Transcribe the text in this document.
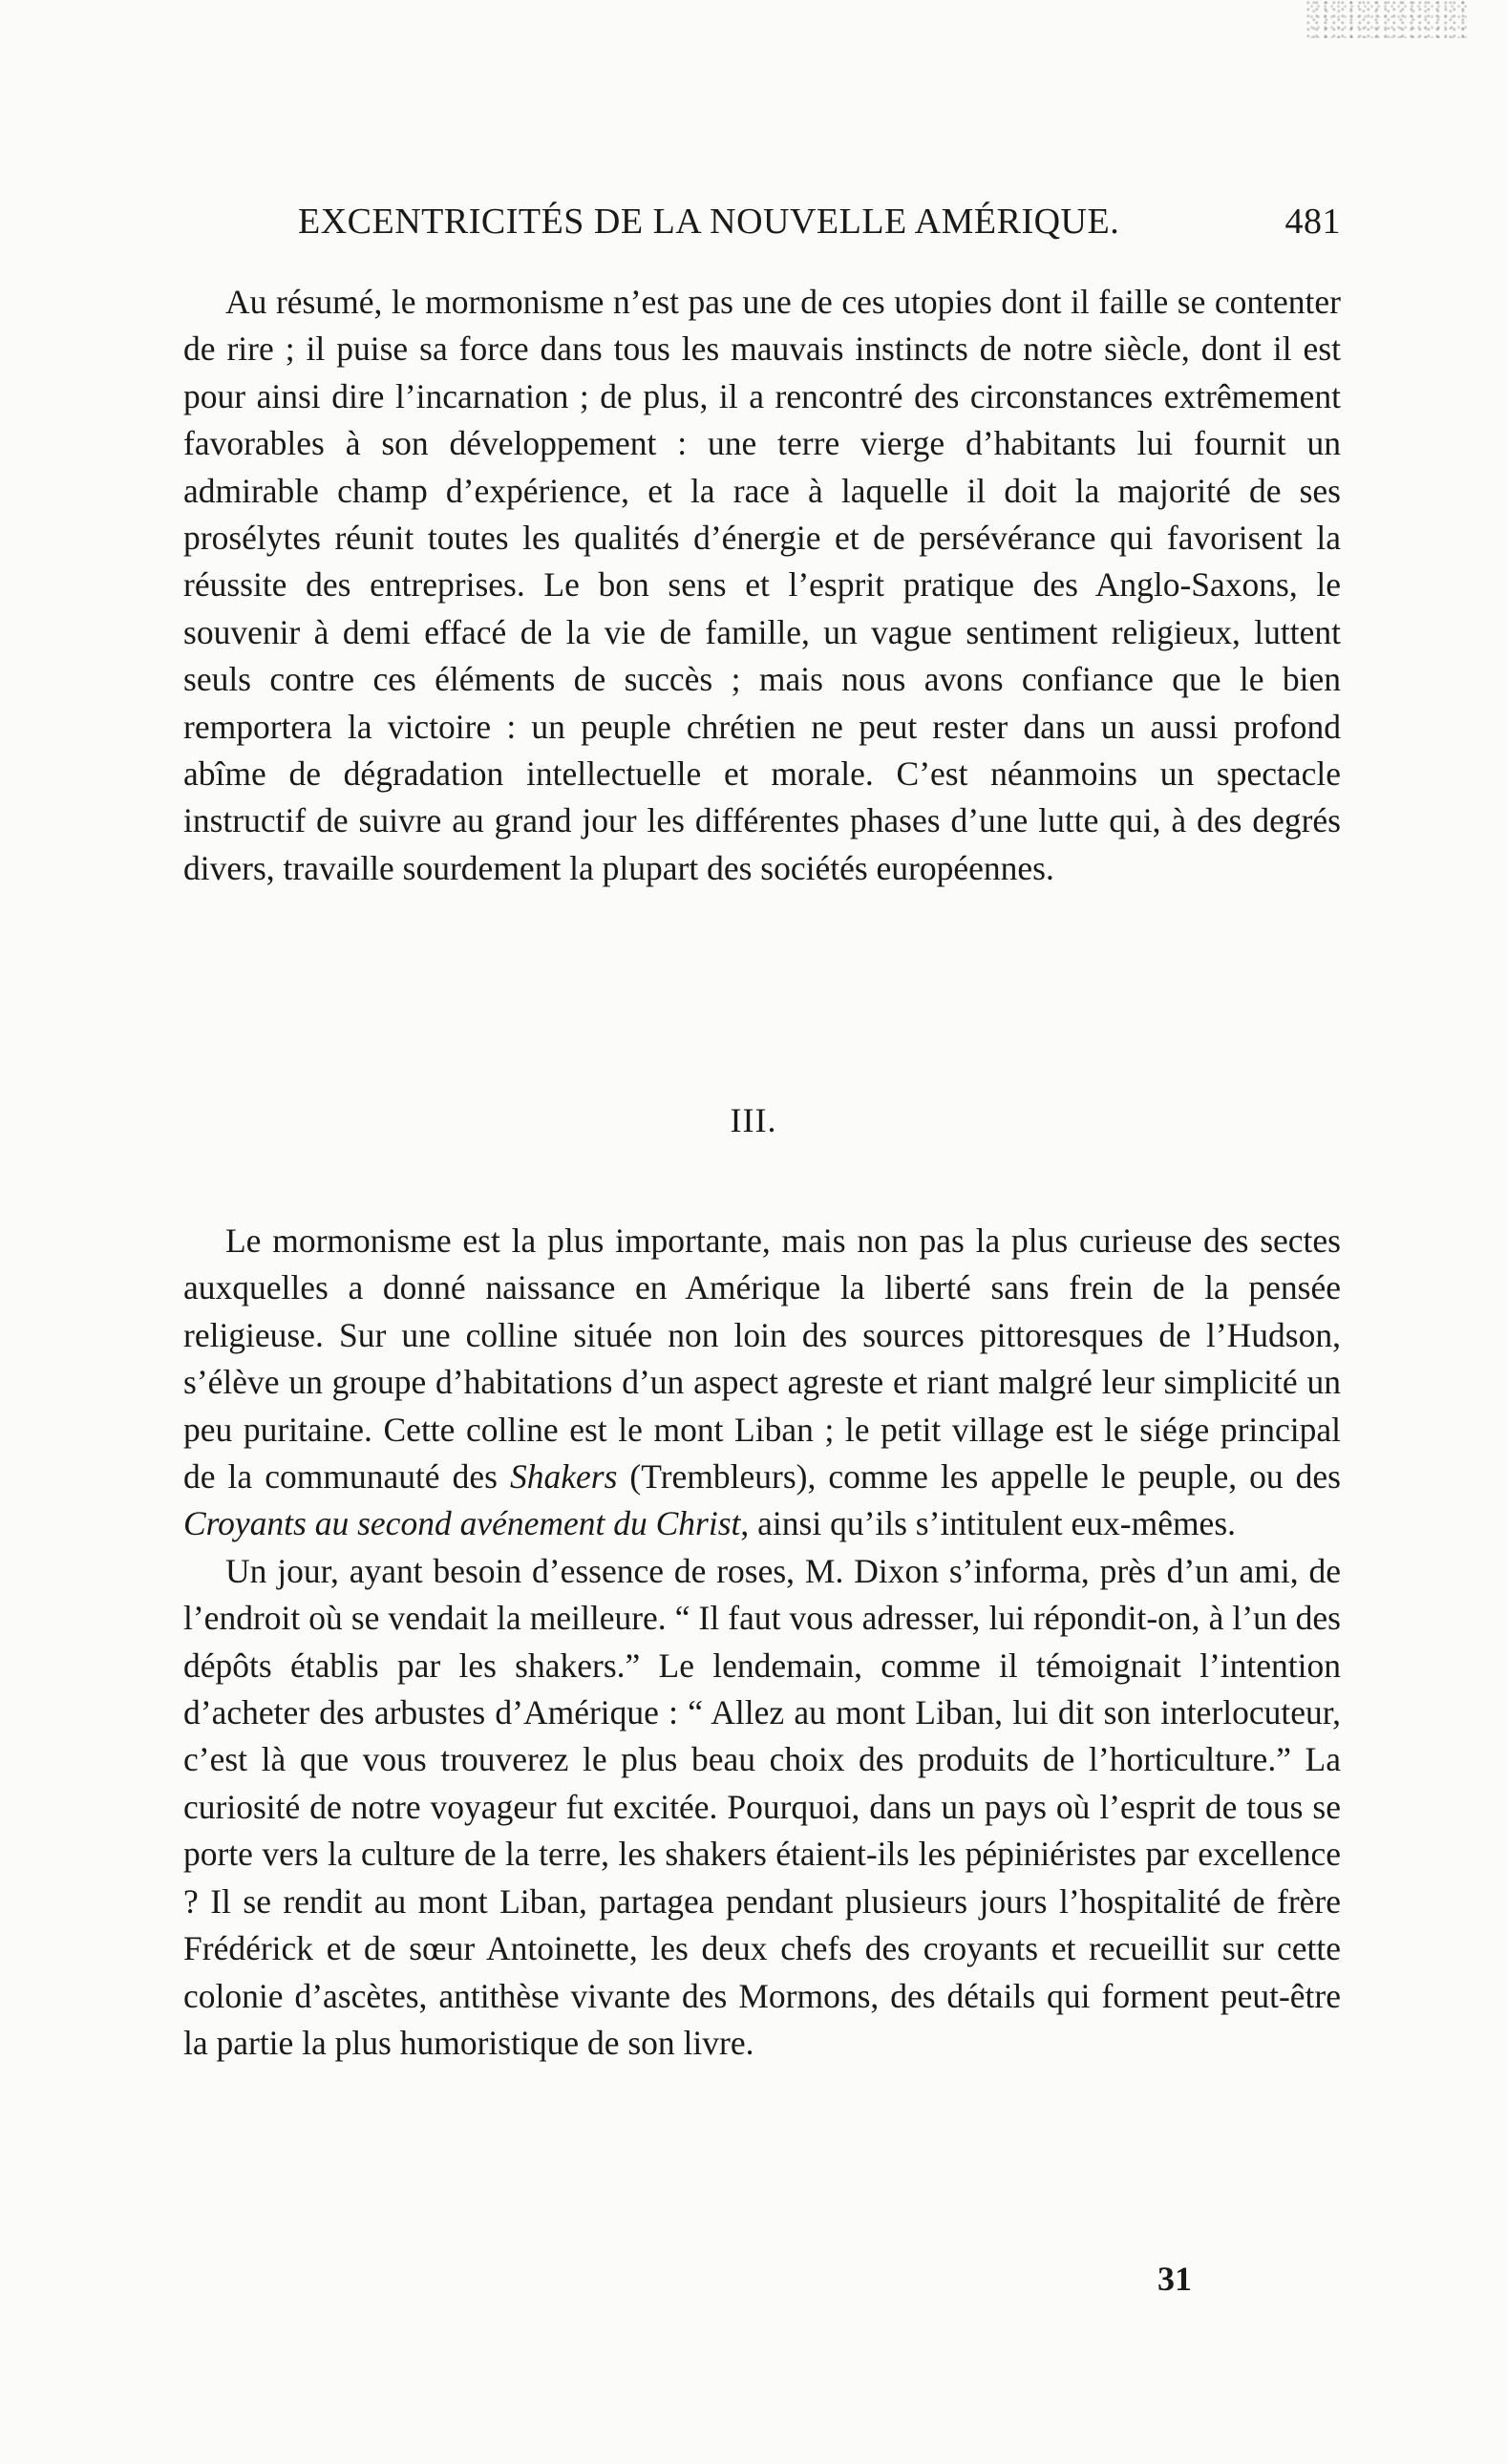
EXCENTRICITÉS DE LA NOUVELLE AMÉRIQUE.	481

Au résumé, le mormonisme n’est pas une de ces utopies dont il faille se contenter de rire ; il puise sa force dans tous les mauvais instincts de notre siècle, dont il est pour ainsi dire l’incarnation ; de plus, il a rencontré des circonstances extrêmement favorables à son développement : une terre vierge d’habitants lui fournit un admirable champ d’expérience, et la race à laquelle il doit la majorité de ses prosélytes réunit toutes les qualités d’énergie et de persévérance qui favorisent la réussite des entreprises. Le bon sens et l’esprit pratique des Anglo-Saxons, le souvenir à demi effacé de la vie de famille, un vague sentiment religieux, luttent seuls contre ces éléments de succès ; mais nous avons confiance que le bien remportera la victoire : un peuple chrétien ne peut rester dans un aussi profond abîme de dégradation intellectuelle et morale. C’est néanmoins un spectacle instructif de suivre au grand jour les différentes phases d’une lutte qui, à des degrés divers, travaille sourdement la plupart des sociétés européennes.

III.

Le mormonisme est la plus importante, mais non pas la plus curieuse des sectes auxquelles a donné naissance en Amérique la liberté sans frein de la pensée religieuse. Sur une colline située non loin des sources pittoresques de l’Hudson, s’élève un groupe d’habitations d’un aspect agreste et riant malgré leur simplicité un peu puritaine. Cette colline est le mont Liban ; le petit village est le siége principal de la communauté des Shakers (Trembleurs), comme les appelle le peuple, ou des Croyants au second avénement du Christ, ainsi qu’ils s’intitulent eux-mêmes.

Un jour, ayant besoin d’essence de roses, M. Dixon s’informa, près d’un ami, de l’endroit où se vendait la meilleure. “ Il faut vous adresser, lui répondit-on, à l’un des dépôts établis par les shakers.” Le lendemain, comme il témoignait l’intention d’acheter des arbustes d’Amérique : “ Allez au mont Liban, lui dit son interlocuteur, c’est là que vous trouverez le plus beau choix des produits de l’horticulture.” La curiosité de notre voyageur fut excitée. Pourquoi, dans un pays où l’esprit de tous se porte vers la culture de la terre, les shakers étaient-ils les pépiniéristes par excellence ? Il se rendit au mont Liban, partagea pendant plusieurs jours l’hospitalité de frère Frédérick et de sœur Antoinette, les deux chefs des croyants et recueillit sur cette colonie d’ascètes, antithèse vivante des Mormons, des détails qui forment peut-être la partie la plus humoristique de son livre.

31
